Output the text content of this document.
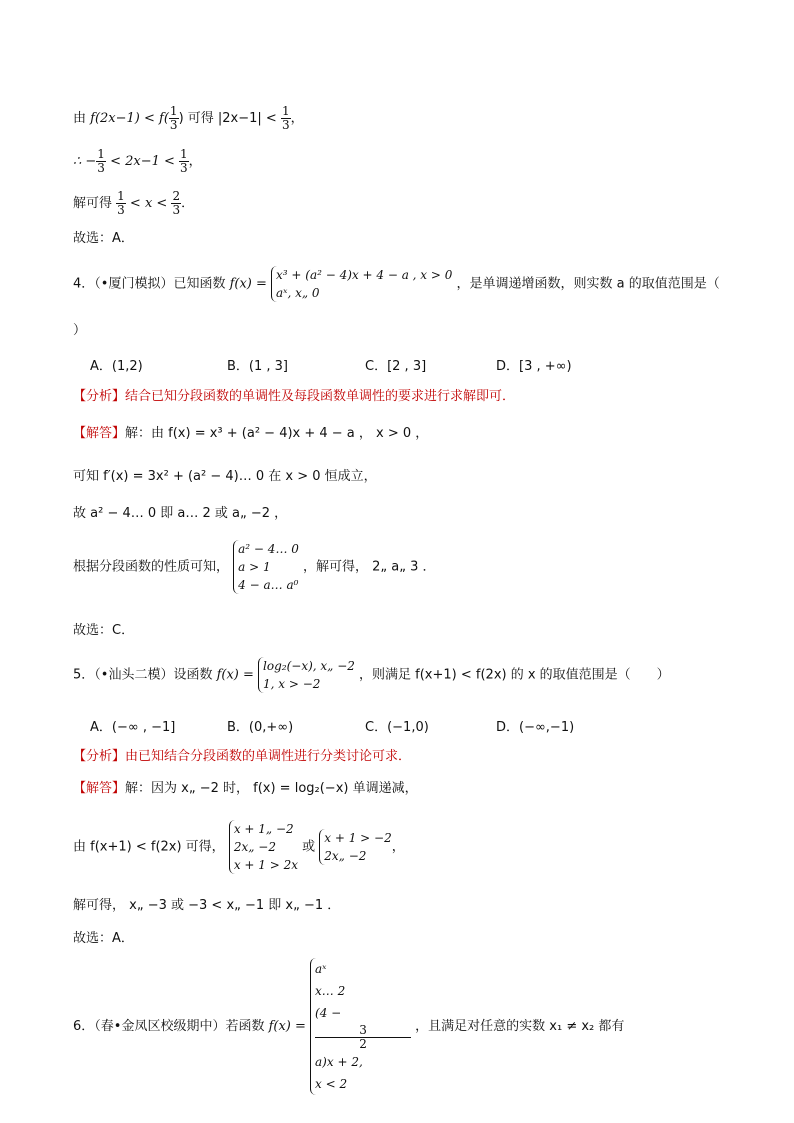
由 $f(2x-1) < f( \frac{1}{3}$ ) 可得 $|2x-1| < \frac{1}{3}$ ，
∴ − $\frac{1}{3} < 2x-1 < \frac{1}{3}$ ，
解可得 $\frac{1}{3} < x < \frac{2}{3}$ ．
故选：A．
4．（•厦门模拟）已知函数 f(x) =
x³ + (a² − 4)x + 4 − a , x > 0
aˣ, x„ 0
，是单调递增函数，则实数 a 的取值范围是（
）
A．(1,2)	B．(1 , 3]	C．[2 , 3]	D．[3 , +∞)
【分析】结合已知分段函数的单调性及每段函数单调性的要求进行求解即可．
【解答】解：由 f(x) = x³ + (a² − 4)x + 4 − a ， x > 0 ，
可知 f′(x) = 3x² + (a² − 4)… 0 在 x > 0 恒成立，
故 a² − 4… 0 即 a… 2 或 a„ −2 ，
根据分段函数的性质可知，
a² − 4… 0
a > 1
4 − a… a⁰
，解可得， 2„ a„ 3 ．
故选：C．
5．（•汕头二模）设函数 f(x) =
log₂(−x), x„ −2
1, x > −2
，则满足 f(x+1) < f(2x) 的 x 的取值范围是（　　）
A．(−∞ , −1]	B．(0,+∞)	C．(−1,0)	D．(−∞,−1)
【分析】由已知结合分段函数的单调性进行分类讨论可求．
【解答】解：因为 x„ −2 时， f(x) = log₂(−x) 单调递减，
由 f(x+1) < f(2x) 可得，
x + 1„ −2
2x„ −2
x + 1 > 2x
或
x + 1 > −2
2x„ −2
，
解可得， x„ −3 或 −3 < x„ −1 即 x„ −1 ．
故选：A．
6．（春•金凤区校级期中）若函数 f(x) =
aˣ
x… 2
(4 −
3
2
a)x + 2,
x < 2
，且满足对任意的实数 x₁ ≠ x₂ 都有
